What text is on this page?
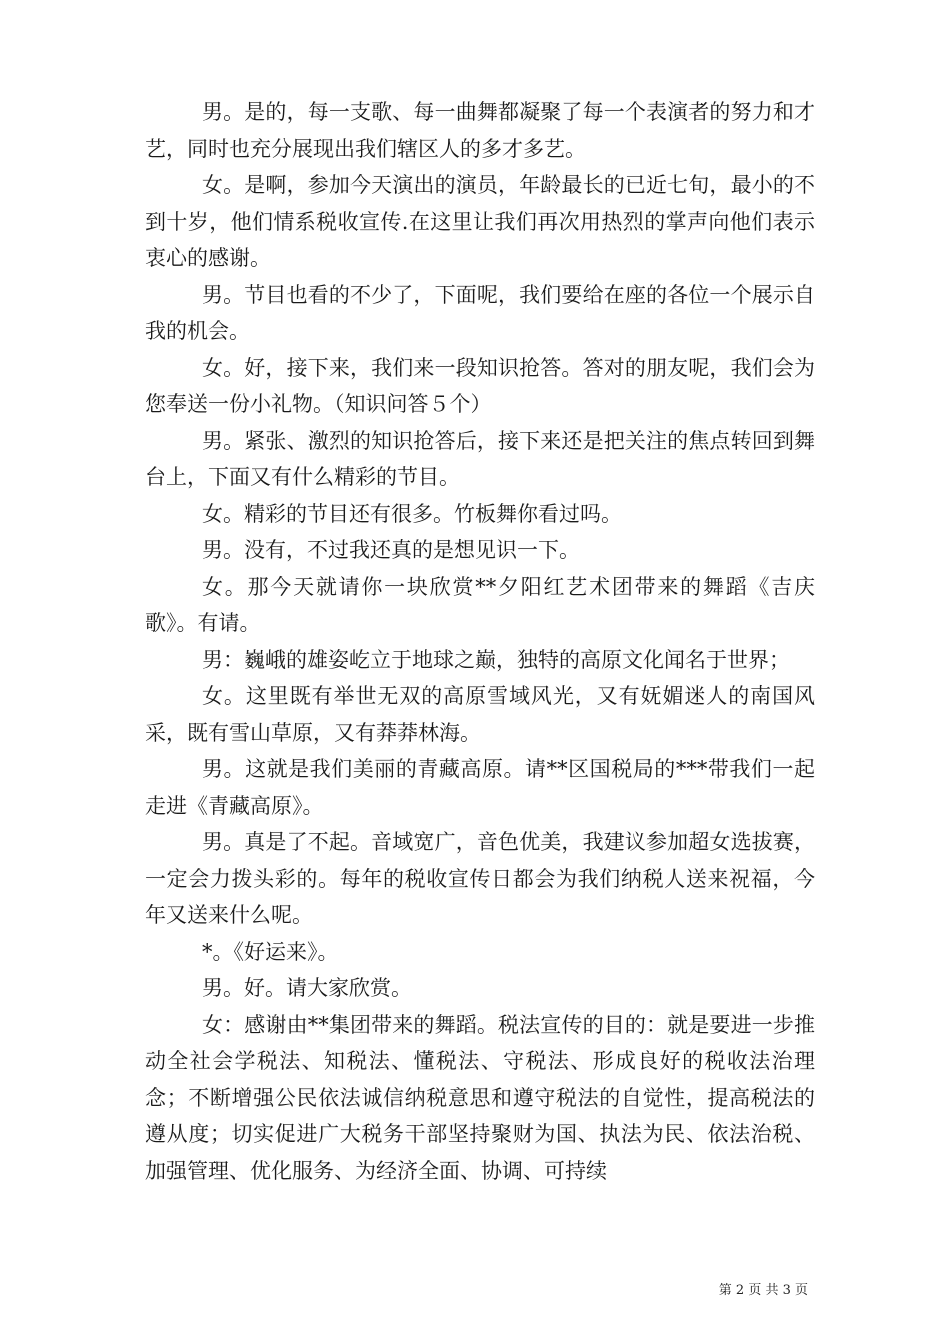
男。是的，每一支歌、每一曲舞都凝聚了每一个表演者的努力和才艺，同时也充分展现出我们辖区人的多才多艺。

女。是啊，参加今天演出的演员，年龄最长的已近七旬，最小的不到十岁，他们情系税收宣传.在这里让我们再次用热烈的掌声向他们表示衷心的感谢。

男。节目也看的不少了，下面呢，我们要给在座的各位一个展示自我的机会。

女。好，接下来，我们来一段知识抢答。答对的朋友呢，我们会为您奉送一份小礼物。（知识问答５个）

男。紧张、激烈的知识抢答后，接下来还是把关注的焦点转回到舞台上，下面又有什么精彩的节目。

女。精彩的节目还有很多。竹板舞你看过吗。

男。没有，不过我还真的是想见识一下。

女。那今天就请你一块欣赏**夕阳红艺术团带来的舞蹈《吉庆歌》。有请。

男：巍峨的雄姿屹立于地球之巅，独特的高原文化闻名于世界；

女。这里既有举世无双的高原雪域风光，又有妩媚迷人的南国风采，既有雪山草原，又有莽莽林海。

男。这就是我们美丽的青藏高原。请**区国税局的***带我们一起走进《青藏高原》。

男。真是了不起。音域宽广，音色优美，我建议参加超女选拔赛，一定会力拨头彩的。每年的税收宣传日都会为我们纳税人送来祝福，今年又送来什么呢。

*。《好运来》。

男。好。请大家欣赏。

女：感谢由**集团带来的舞蹈。税法宣传的目的：就是要进一步推动全社会学税法、知税法、懂税法、守税法、形成良好的税收法治理念；不断增强公民依法诚信纳税意思和遵守税法的自觉性，提高税法的遵从度；切实促进广大税务干部坚持聚财为国、执法为民、依法治税、加强管理、优化服务、为经济全面、协调、可持续

第 2 页 共 3 页
